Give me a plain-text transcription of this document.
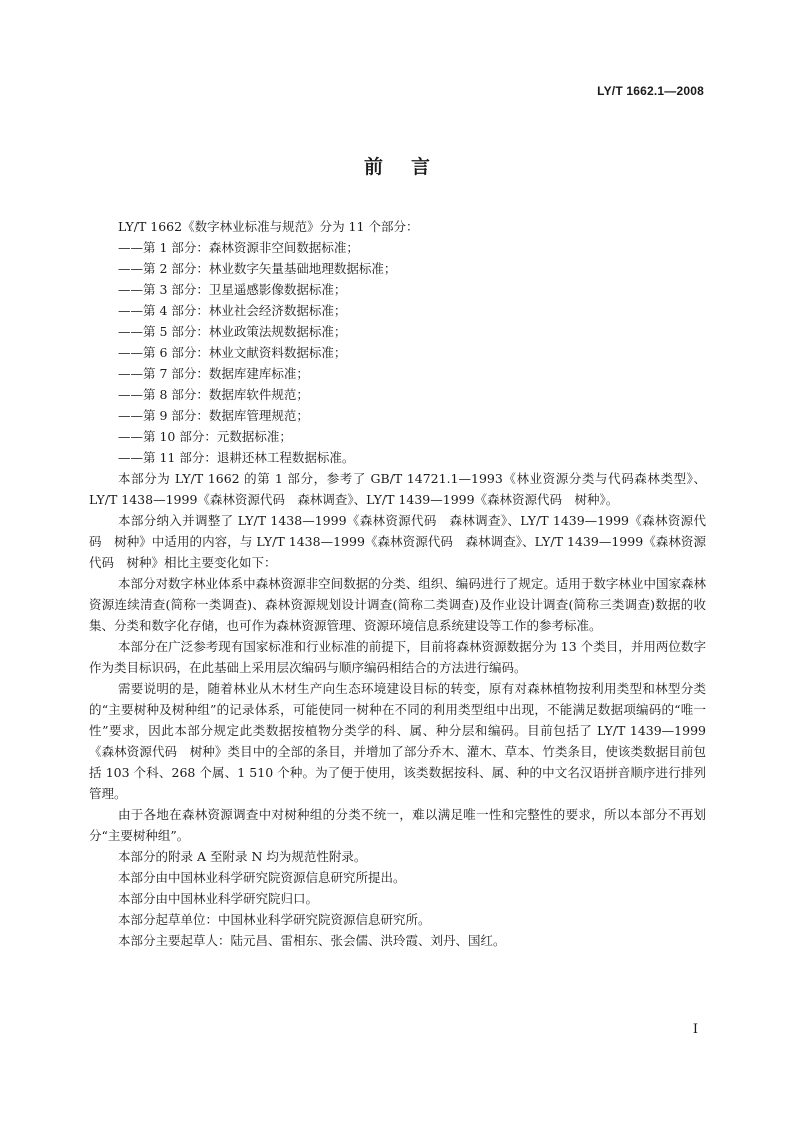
LY/T 1662.1—2008
前言

LY/T 1662《数字林业标准与规范》分为 11 个部分：

——第 1 部分：森林资源非空间数据标准；

——第 2 部分：林业数字矢量基础地理数据标准；

——第 3 部分：卫星遥感影像数据标准；

——第 4 部分：林业社会经济数据标准；

——第 5 部分：林业政策法规数据标准；

——第 6 部分：林业文献资料数据标准；

——第 7 部分：数据库建库标准；

——第 8 部分：数据库软件规范；

——第 9 部分：数据库管理规范；

——第 10 部分：元数据标准；

——第 11 部分：退耕还林工程数据标准。

本部分为 LY/T 1662 的第 1 部分，参考了 GB/T 14721.1—1993《林业资源分类与代码森林类型》、LY/T 1438—1999《森林资源代码　森林调查》、LY/T 1439—1999《森林资源代码　树种》。

本部分纳入并调整了 LY/T 1438—1999《森林资源代码　森林调查》、LY/T 1439—1999《森林资源代码　树种》中适用的内容，与 LY/T 1438—1999《森林资源代码　森林调查》、LY/T 1439—1999《森林资源代码　树种》相比主要变化如下：

本部分对数字林业体系中森林资源非空间数据的分类、组织、编码进行了规定。适用于数字林业中国家森林资源连续清查(简称一类调查)、森林资源规划设计调查(简称二类调查)及作业设计调查(简称三类调查)数据的收集、分类和数字化存储，也可作为森林资源管理、资源环境信息系统建设等工作的参考标准。

本部分在广泛参考现有国家标准和行业标准的前提下，目前将森林资源数据分为 13 个类目，并用两位数字作为类目标识码，在此基础上采用层次编码与顺序编码相结合的方法进行编码。

需要说明的是，随着林业从木材生产向生态环境建设目标的转变，原有对森林植物按利用类型和林型分类的“主要树种及树种组”的记录体系，可能使同一树种在不同的利用类型组中出现，不能满足数据项编码的“唯一性”要求，因此本部分规定此类数据按植物分类学的科、属、种分层和编码。目前包括了 LY/T 1439—1999《森林资源代码　树种》类目中的全部的条目，并增加了部分乔木、灌木、草本、竹类条目，使该类数据目前包括 103 个科、268 个属、1 510 个种。为了便于使用，该类数据按科、属、种的中文名汉语拼音顺序进行排列管理。

由于各地在森林资源调查中对树种组的分类不统一，难以满足唯一性和完整性的要求，所以本部分不再划分“主要树种组”。

本部分的附录 A 至附录 N 均为规范性附录。

本部分由中国林业科学研究院资源信息研究所提出。

本部分由中国林业科学研究院归口。

本部分起草单位：中国林业科学研究院资源信息研究所。

本部分主要起草人：陆元昌、雷相东、张会儒、洪玲霞、刘丹、国红。

I
